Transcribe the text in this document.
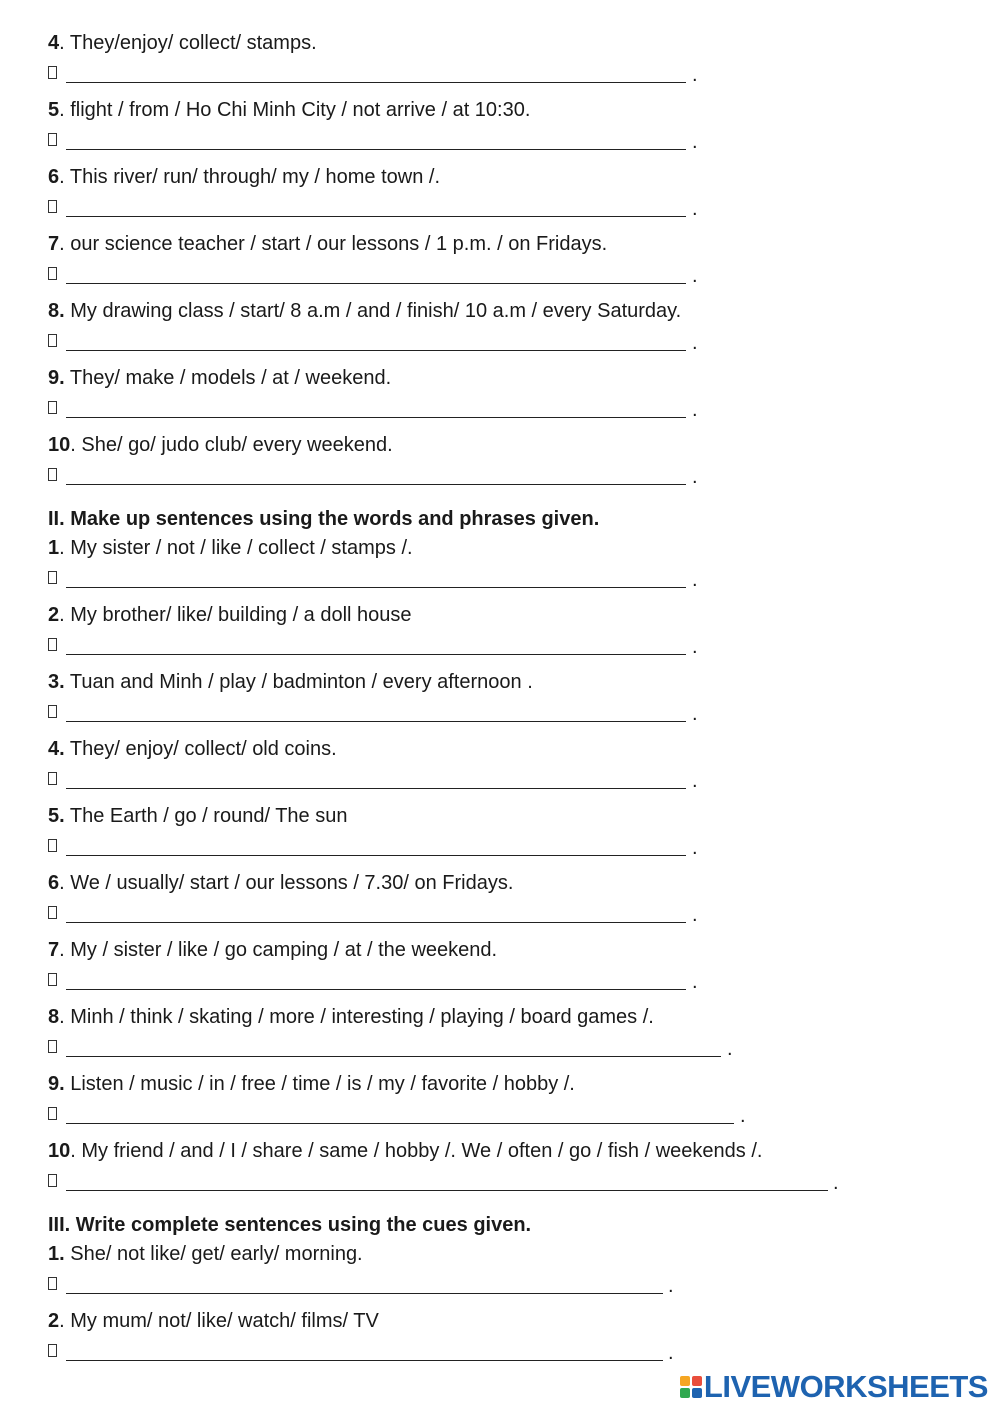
4. They/enjoy/ collect/ stamps.
.
5. flight / from / Ho Chi Minh City / not arrive / at 10:30.
.
6. This river/ run/ through/ my / home town /.
.
7. our science teacher / start / our lessons / 1 p.m. / on Fridays.
.
8. My drawing class / start/ 8 a.m / and / finish/ 10 a.m / every Saturday.
.
9. They/ make / models / at / weekend.
.
10. She/ go/ judo club/ every weekend.
.
II. Make up sentences using the words and phrases given.
1. My sister / not / like / collect / stamps /.
.
2. My brother/ like/ building / a doll house
.
3. Tuan and Minh / play / badminton / every afternoon .
.
4. They/ enjoy/ collect/ old coins.
.
5. The Earth / go / round/ The sun
.
6. We / usually/ start / our lessons / 7.30/ on Fridays.
.
7. My / sister / like / go camping / at / the weekend.
.
8. Minh / think / skating / more / interesting / playing / board games /.
.
9. Listen / music / in / free / time / is / my / favorite / hobby /.
.
10. My friend / and / I / share / same / hobby /. We / often / go / fish / weekends /.
.
III. Write complete sentences using the cues given.
1. She/ not like/ get/ early/ morning.
.
2. My mum/ not/ like/ watch/ films/ TV
.
LIVEWORKSHEETS
